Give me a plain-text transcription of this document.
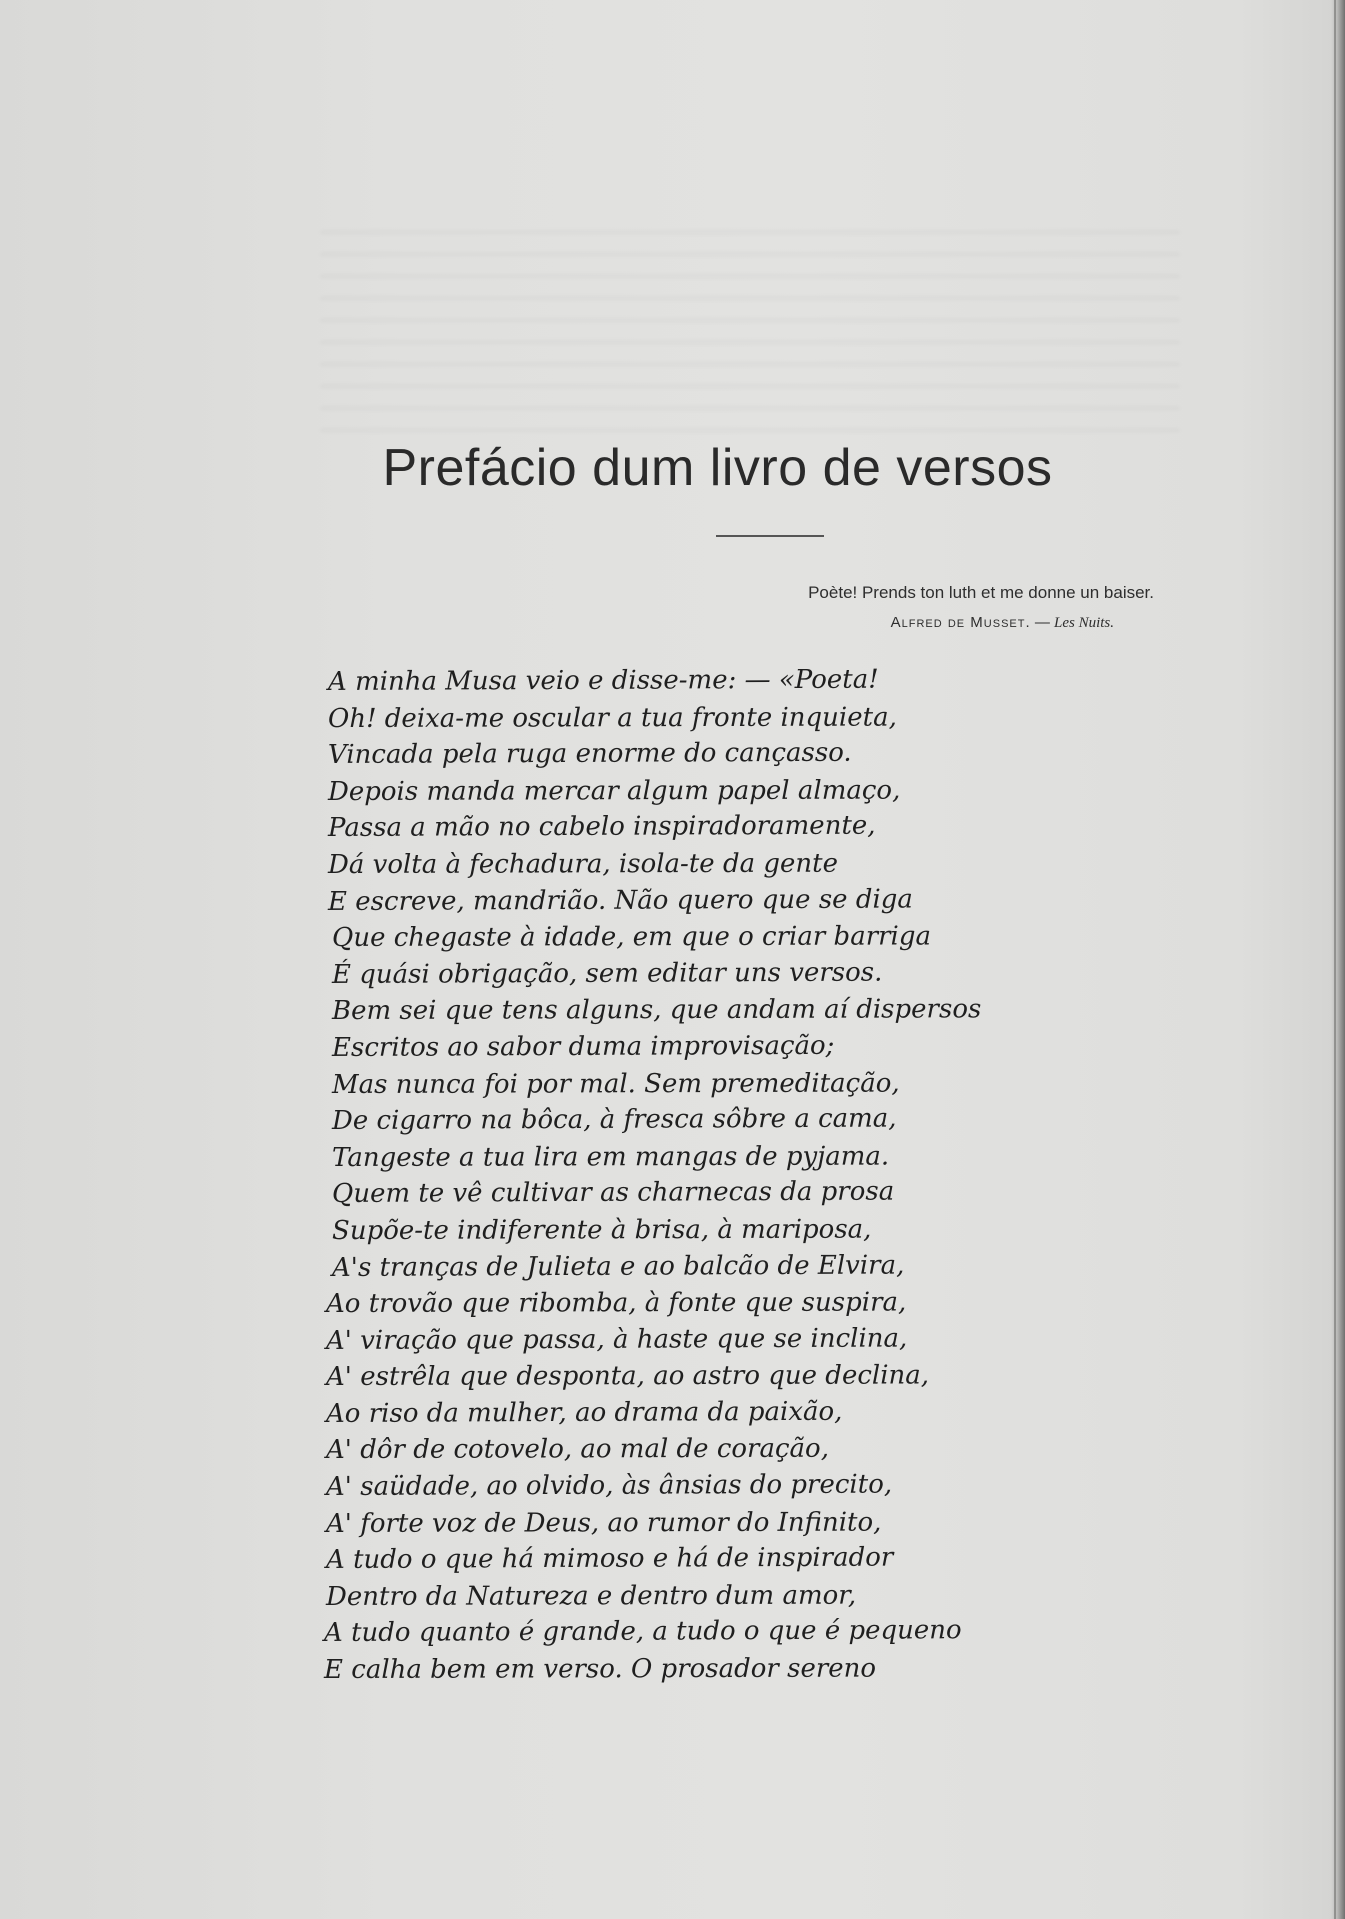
Prefácio dum livro de versos
Poète! Prends ton luth et me donne un baiser.
Alfred de Musset. — Les Nuits.
A minha Musa veio e disse-me: — «Poeta!
Oh! deixa-me oscular a tua fronte inquieta,
Vincada pela ruga enorme do cançasso.
Depois manda mercar algum papel almaço,
Passa a mão no cabelo inspiradoramente,
Dá volta à fechadura, isola-te da gente
E escreve, mandrião. Não quero que se diga
Que chegaste à idade, em que o criar barriga
É quási obrigação, sem editar uns versos.
Bem sei que tens alguns, que andam aí dispersos
Escritos ao sabor duma improvisação;
Mas nunca foi por mal. Sem premeditação,
De cigarro na bôca, à fresca sôbre a cama,
Tangeste a tua lira em mangas de pyjama.
Quem te vê cultivar as charnecas da prosa
Supõe-te indiferente à brisa, à mariposa,
A's tranças de Julieta e ao balcão de Elvira,
Ao trovão que ribomba, à fonte que suspira,
A' viração que passa, à haste que se inclina,
A' estrêla que desponta, ao astro que declina,
Ao riso da mulher, ao drama da paixão,
A' dôr de cotovelo, ao mal de coração,
A' saüdade, ao olvido, às ânsias do precito,
A' forte voz de Deus, ao rumor do Infinito,
A tudo o que há mimoso e há de inspirador
Dentro da Natureza e dentro dum amor,
A tudo quanto é grande, a tudo o que é pequeno
E calha bem em verso. O prosador sereno
